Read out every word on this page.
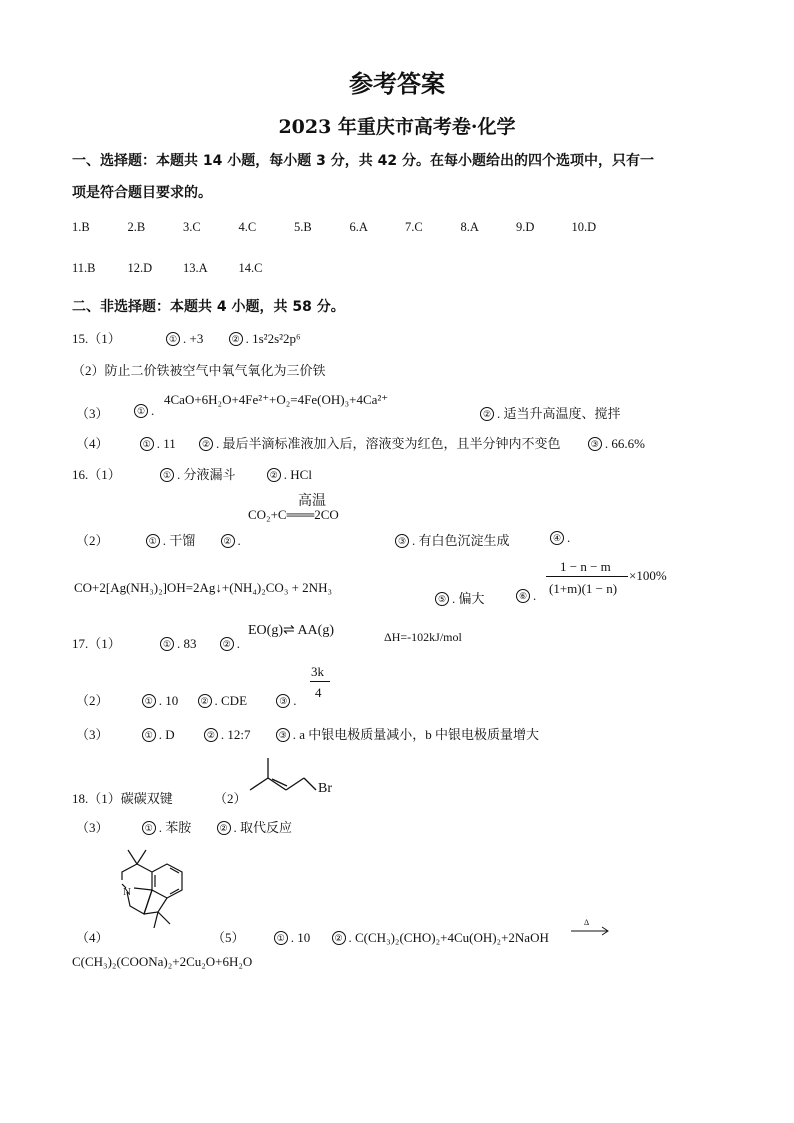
参考答案
2023 年重庆市高考卷·化学
一、选择题：本题共 14 小题，每小题 3 分，共 42 分。在每小题给出的四个选项中，只有一
项是符合题目要求的。
1.B	2.B	3.C	4.C	5.B	6.A	7.C	8.A	9.D	10.D
11.B	12.D 13.A 14.C
二、非选择题：本题共 4 小题，共 58 分。
15.（1）	① . +3	② . 1s²2s²2p⁶
（2）防止二价铁被空气中氧气氧化为三价铁
（3）	① .
4CaO+6H₂O+4Fe²⁺+O₂=4Fe(OH)₃+4Ca²⁺
② . 适当升高温度、搅拌
（4）	① . 11	② . 最后半滴标准液加入后，溶液变为红色，且半分钟内不变色	③ . 66.6%
16.（1）	① . 分液漏斗	② . HCl
高温
CO₂+C═══2CO
（2）	① . 干馏	② .	③ . 有白色沉淀生成	④ .
CO+2[Ag(NH₃)₂]OH=2Ag↓+(NH₄)₂CO₃ + 2NH₃
⑤ . 偏大	⑥ .
1 − n − m
(1+m)(1 − n)
×100%
17.（1）	① . 83	② .
EO(g)⇌ AA(g)	ΔH=-102kJ/mol
（2）	① . 10 ② . CDE	③ .
3k
4
（3）	① . D	② . 12:7	③ . a 中银电极质量减小，b 中银电极质量增大
18.（1）碳碳双键	（2）
Br
（3）	① . 苯胺	② . 取代反应
N
（4）	（5）	① . 10	② . C(CH₃)₂(CHO)₂+4Cu(OH)₂+2NaOH
Δ
C(CH₃)₂(COONa)₂+2Cu₂O+6H₂O
